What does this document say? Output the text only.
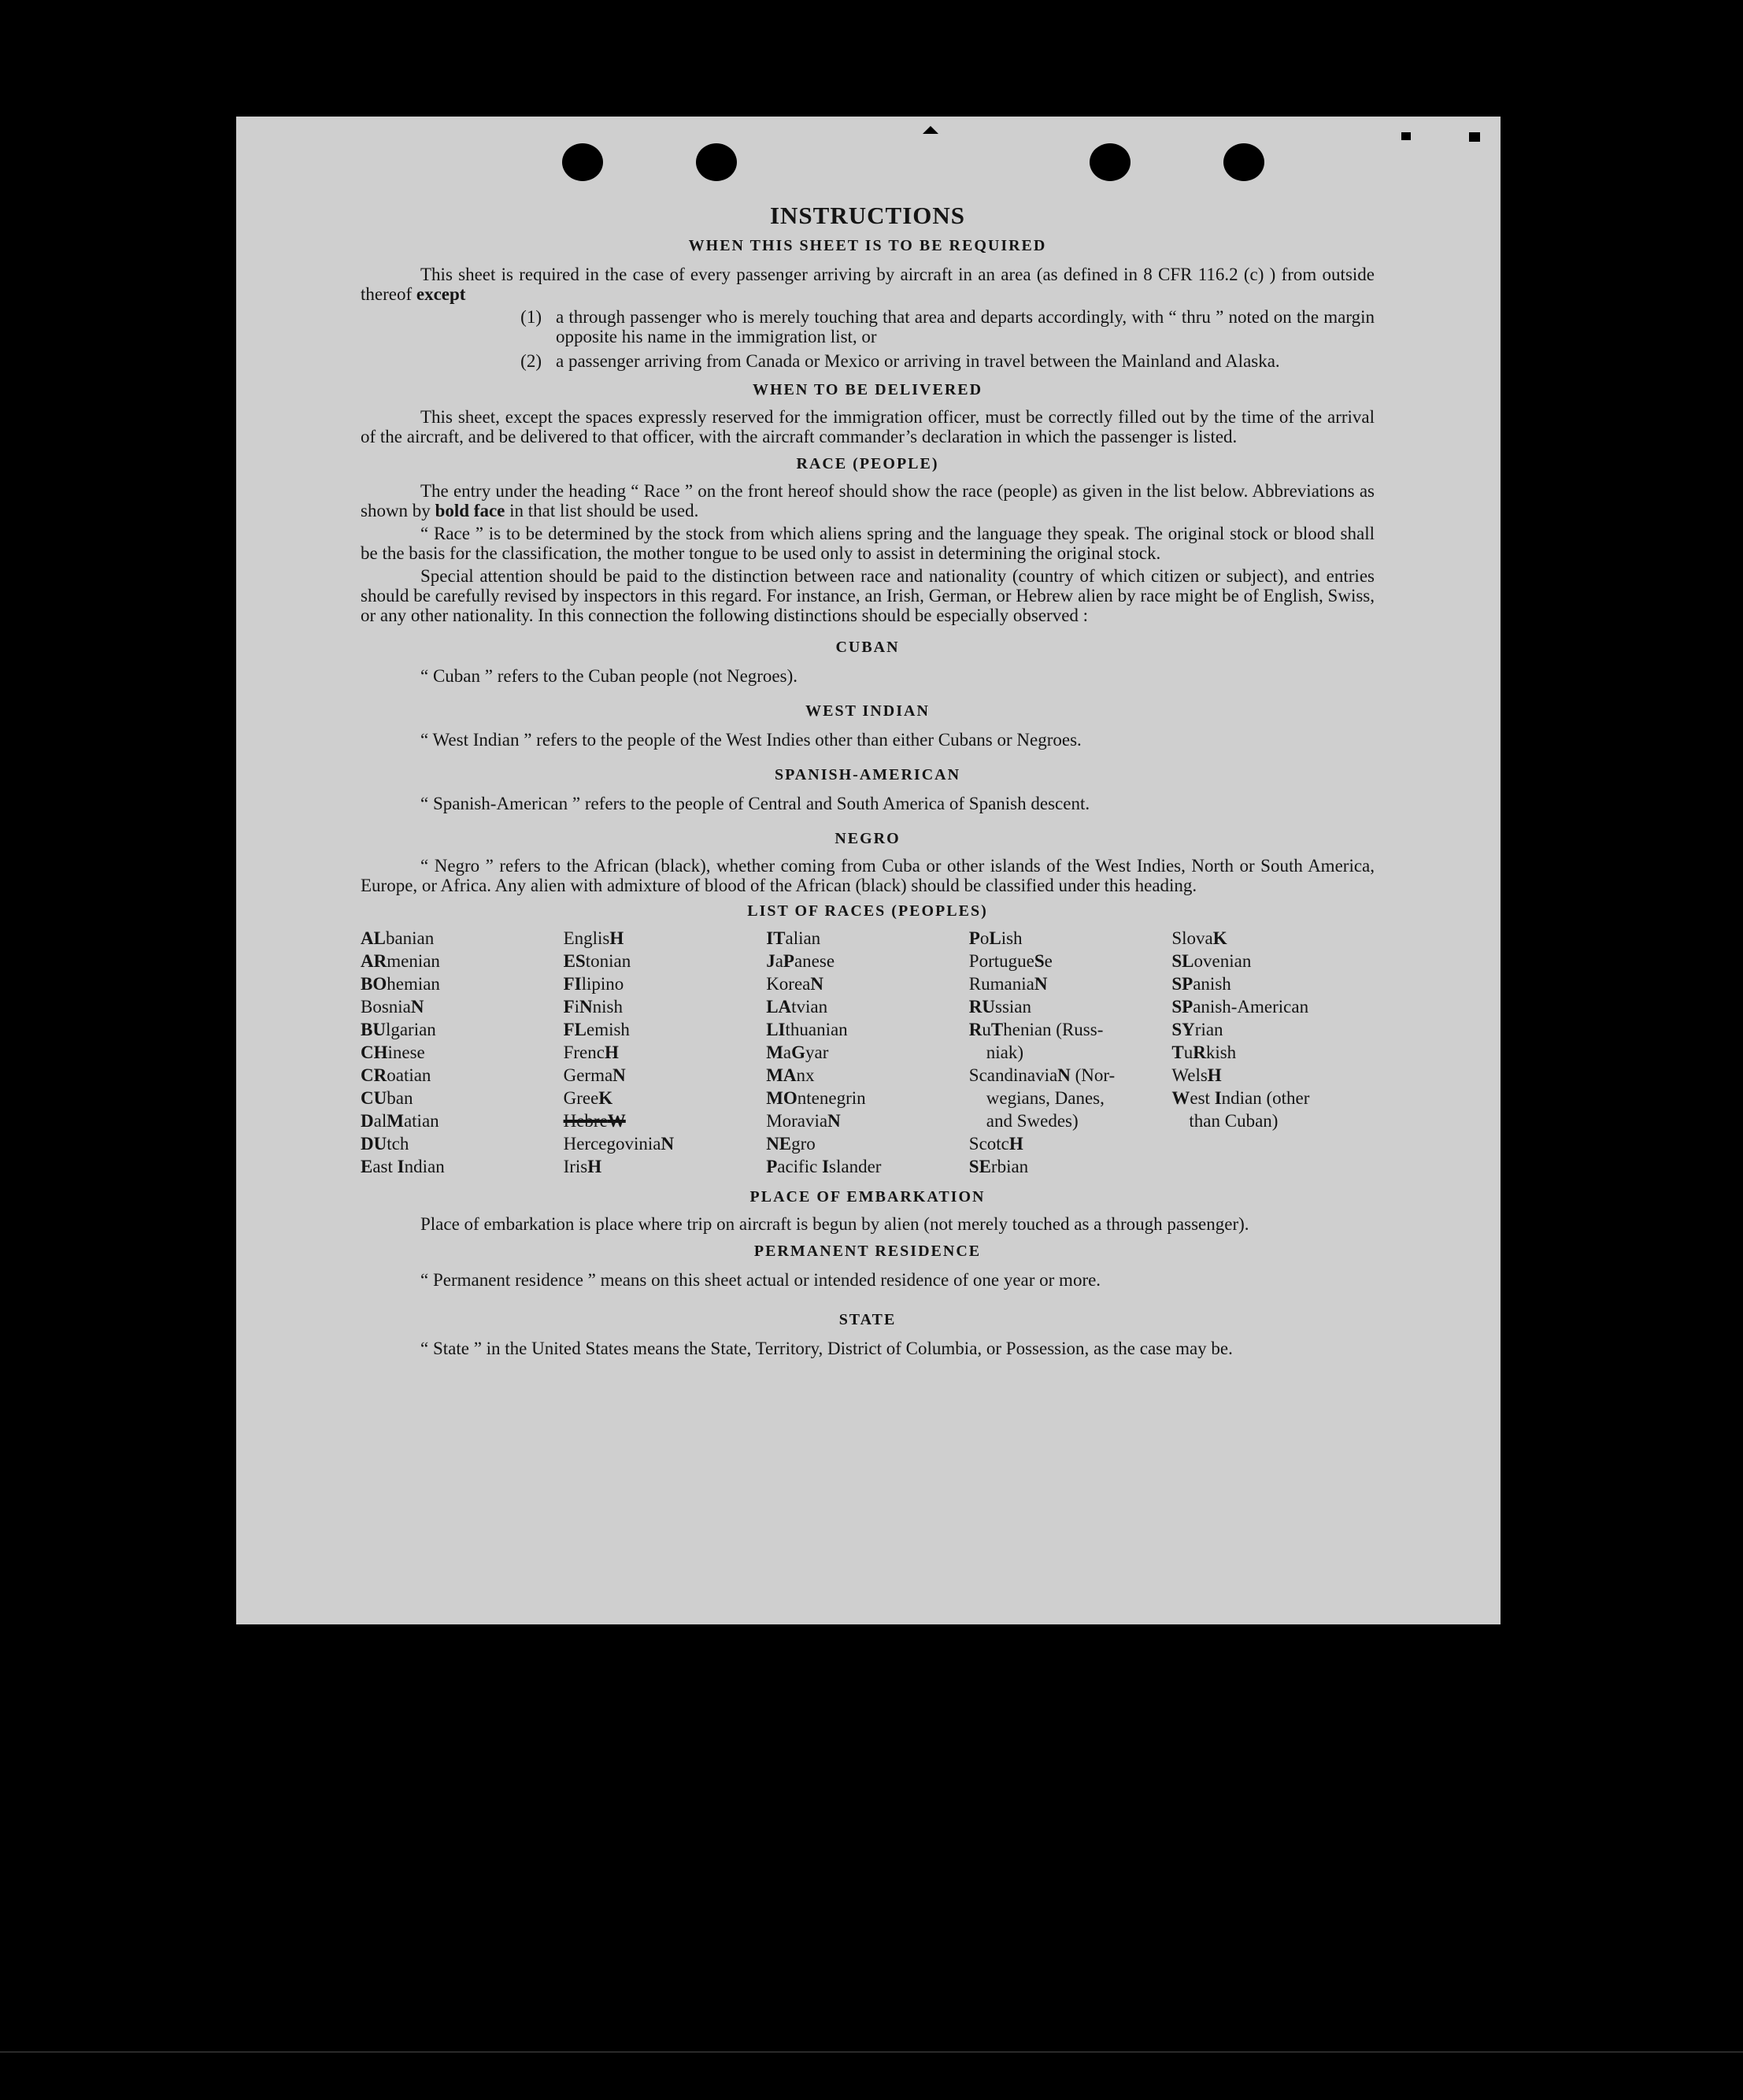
INSTRUCTIONS
WHEN THIS SHEET IS TO BE REQUIRED

This sheet is required in the case of every passenger arriving by aircraft in an area (as defined in 8 CFR 116.2 (c) ) from outside thereof except

(1) a through passenger who is merely touching that area and departs accordingly, with “ thru ” noted on the margin opposite his name in the immigration list, or
(2) a passenger arriving from Canada or Mexico or arriving in travel between the Mainland and Alaska.
WHEN TO BE DELIVERED

This sheet, except the spaces expressly reserved for the immigration officer, must be correctly filled out by the time of the arrival of the aircraft, and be delivered to that officer, with the aircraft commander’s declaration in which the passenger is listed.

RACE (PEOPLE)

The entry under the heading “ Race ” on the front hereof should show the race (people) as given in the list below. Abbreviations as shown by bold face in that list should be used.

“ Race ” is to be determined by the stock from which aliens spring and the language they speak. The original stock or blood shall be the basis for the classification, the mother tongue to be used only to assist in determining the original stock.

Special attention should be paid to the distinction between race and nationality (country of which citizen or subject), and entries should be carefully revised by inspectors in this regard. For instance, an Irish, German, or Hebrew alien by race might be of English, Swiss, or any other nationality. In this connection the following distinctions should be especially observed :

CUBAN

“ Cuban ” refers to the Cuban people (not Negroes).

WEST INDIAN

“ West Indian ” refers to the people of the West Indies other than either Cubans or Negroes.

SPANISH-AMERICAN

“ Spanish-American ” refers to the people of Central and South America of Spanish descent.

NEGRO

“ Negro ” refers to the African (black), whether coming from Cuba or other islands of the West Indies, North or South America, Europe, or Africa. Any alien with admixture of blood of the African (black) should be classified under this heading.

LIST OF RACES (PEOPLES)

ALbanian

ARmenian

BOhemian

BosniaN

BUlgarian

CHinese

CRoatian

CUban

DalMatian

DUtch

East Indian

EnglisH

EStonian

FIlipino

FiNnish

FLemish

FrencH

GermaN

GreeK

HebreW

HercegoviniaN

IrisH

ITalian

JaPanese

KoreaN

LAtvian

LIthuanian

MaGyar

MAnx

MOntenegrin

MoraviaN

NEgro

Pacific Islander

PoLish

PortugueSe

RumaniaN

RUssian

RuThenian (Russ-
niak)

ScandinaviaN (Nor-
wegians, Danes,
and Swedes)

ScotcH

SErbian

SlovaK

SLovenian

SPanish

SPanish-American

SYrian

TuRkish

WelsH

West Indian (other
than Cuban)

PLACE OF EMBARKATION

Place of embarkation is place where trip on aircraft is begun by alien (not merely touched as a through passenger).

PERMANENT RESIDENCE

“ Permanent residence ” means on this sheet actual or intended residence of one year or more.

STATE

“ State ” in the United States means the State, Territory, District of Columbia, or Possession, as the case may be.
